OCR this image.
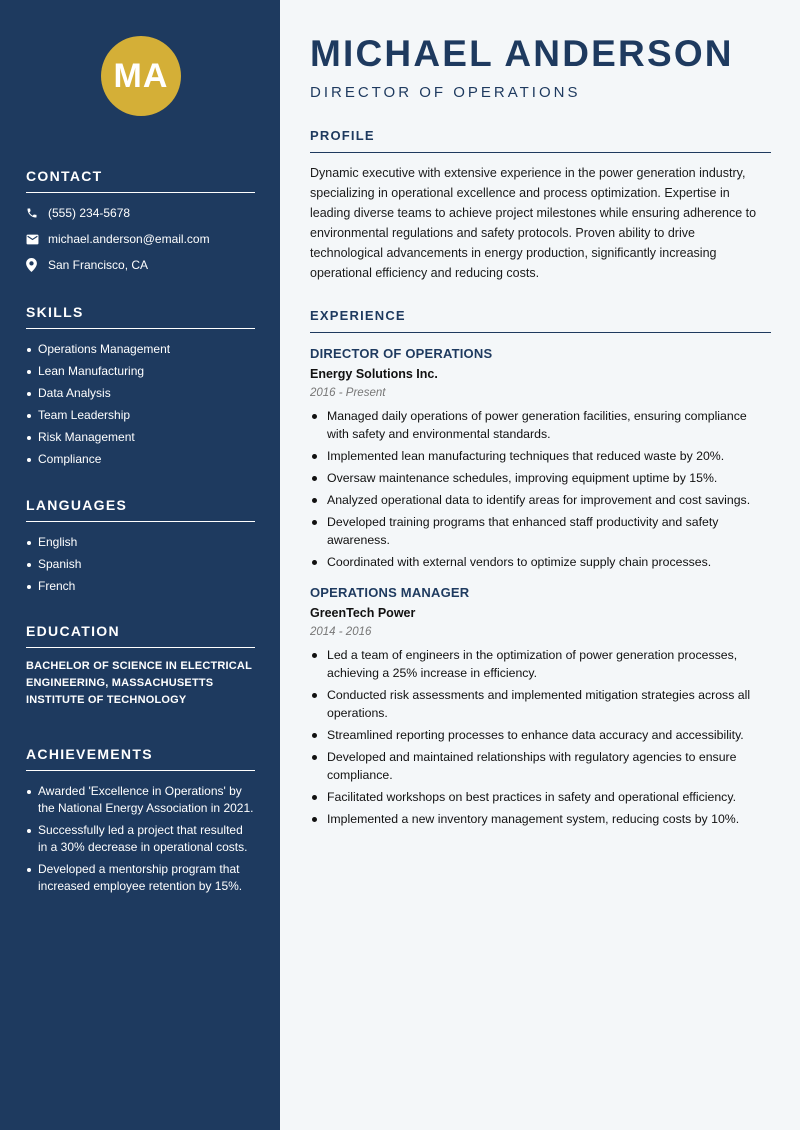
MA
CONTACT
(555) 234-5678
michael.anderson@email.com
San Francisco, CA
SKILLS
Operations Management
Lean Manufacturing
Data Analysis
Team Leadership
Risk Management
Compliance
LANGUAGES
English
Spanish
French
EDUCATION
BACHELOR OF SCIENCE IN ELECTRICAL ENGINEERING, MASSACHUSETTS INSTITUTE OF TECHNOLOGY
ACHIEVEMENTS
Awarded 'Excellence in Operations' by the National Energy Association in 2021.
Successfully led a project that resulted in a 30% decrease in operational costs.
Developed a mentorship program that increased employee retention by 15%.
MICHAEL ANDERSON
DIRECTOR OF OPERATIONS
PROFILE

Dynamic executive with extensive experience in the power generation industry, specializing in operational excellence and process optimization. Expertise in leading diverse teams to achieve project milestones while ensuring adherence to environmental regulations and safety protocols. Proven ability to drive technological advancements in energy production, significantly increasing operational efficiency and reducing costs.

EXPERIENCE
DIRECTOR OF OPERATIONS
Energy Solutions Inc.
2016 - Present
Managed daily operations of power generation facilities, ensuring compliance with safety and environmental standards.
Implemented lean manufacturing techniques that reduced waste by 20%.
Oversaw maintenance schedules, improving equipment uptime by 15%.
Analyzed operational data to identify areas for improvement and cost savings.
Developed training programs that enhanced staff productivity and safety awareness.
Coordinated with external vendors to optimize supply chain processes.
OPERATIONS MANAGER
GreenTech Power
2014 - 2016
Led a team of engineers in the optimization of power generation processes, achieving a 25% increase in efficiency.
Conducted risk assessments and implemented mitigation strategies across all operations.
Streamlined reporting processes to enhance data accuracy and accessibility.
Developed and maintained relationships with regulatory agencies to ensure compliance.
Facilitated workshops on best practices in safety and operational efficiency.
Implemented a new inventory management system, reducing costs by 10%.
